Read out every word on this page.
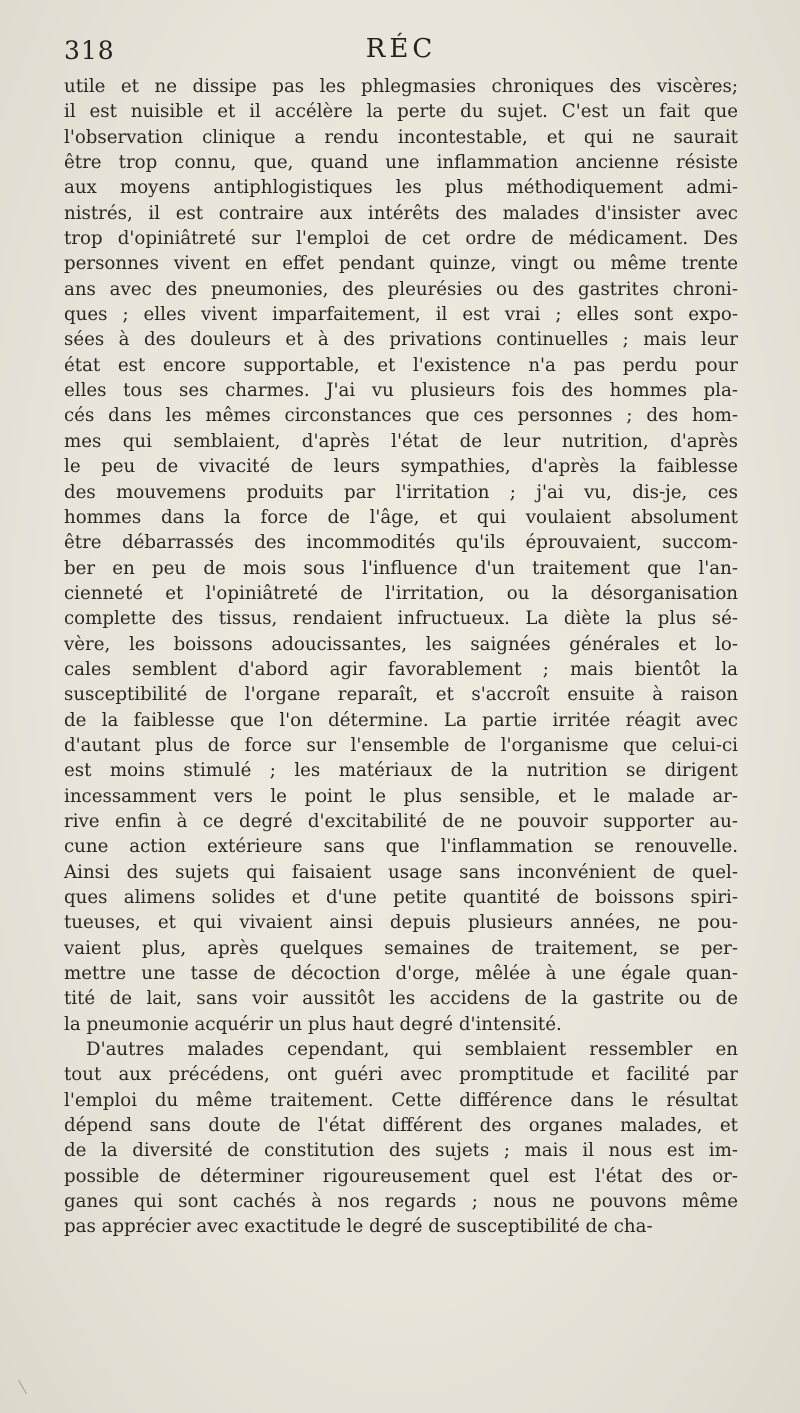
318	RÉC
utile et ne dissipe pas les phlegmasies chroniques des viscères;
il est nuisible et il accélère la perte du sujet. C'est un fait que
l'observation clinique a rendu incontestable, et qui ne saurait
être trop connu, que, quand une inflammation ancienne résiste
aux moyens antiphlogistiques les plus méthodiquement admi-
nistrés, il est contraire aux intérêts des malades d'insister avec
trop d'opiniâtreté sur l'emploi de cet ordre de médicament. Des
personnes vivent en effet pendant quinze, vingt ou même trente
ans avec des pneumonies, des pleurésies ou des gastrites chroni-
ques ; elles vivent imparfaitement, il est vrai ; elles sont expo-
sées à des douleurs et à des privations continuelles ; mais leur
état est encore supportable, et l'existence n'a pas perdu pour
elles tous ses charmes. J'ai vu plusieurs fois des hommes pla-
cés dans les mêmes circonstances que ces personnes ; des hom-
mes qui semblaient, d'après l'état de leur nutrition, d'après
le peu de vivacité de leurs sympathies, d'après la faiblesse
des mouvemens produits par l'irritation ; j'ai vu, dis-je, ces
hommes dans la force de l'âge, et qui voulaient absolument
être débarrassés des incommodités qu'ils éprouvaient, succom-
ber en peu de mois sous l'influence d'un traitement que l'an-
cienneté et l'opiniâtreté de l'irritation, ou la désorganisation
complette des tissus, rendaient infructueux. La diète la plus sé-
vère, les boissons adoucissantes, les saignées générales et lo-
cales semblent d'abord agir favorablement ; mais bientôt la
susceptibilité de l'organe reparaît, et s'accroît ensuite à raison
de la faiblesse que l'on détermine. La partie irritée réagit avec
d'autant plus de force sur l'ensemble de l'organisme que celui-ci
est moins stimulé ; les matériaux de la nutrition se dirigent
incessamment vers le point le plus sensible, et le malade ar-
rive enfin à ce degré d'excitabilité de ne pouvoir supporter au-
cune action extérieure sans que l'inflammation se renouvelle.
Ainsi des sujets qui faisaient usage sans inconvénient de quel-
ques alimens solides et d'une petite quantité de boissons spiri-
tueuses, et qui vivaient ainsi depuis plusieurs années, ne pou-
vaient plus, après quelques semaines de traitement, se per-
mettre une tasse de décoction d'orge, mêlée à une égale quan-
tité de lait, sans voir aussitôt les accidens de la gastrite ou de
la pneumonie acquérir un plus haut degré d'intensité.
D'autres malades cependant, qui semblaient ressembler en
tout aux précédens, ont guéri avec promptitude et facilité par
l'emploi du même traitement. Cette différence dans le résultat
dépend sans doute de l'état différent des organes malades, et
de la diversité de constitution des sujets ; mais il nous est im-
possible de déterminer rigoureusement quel est l'état des or-
ganes qui sont cachés à nos regards ; nous ne pouvons même
pas apprécier avec exactitude le degré de susceptibilité de cha-
